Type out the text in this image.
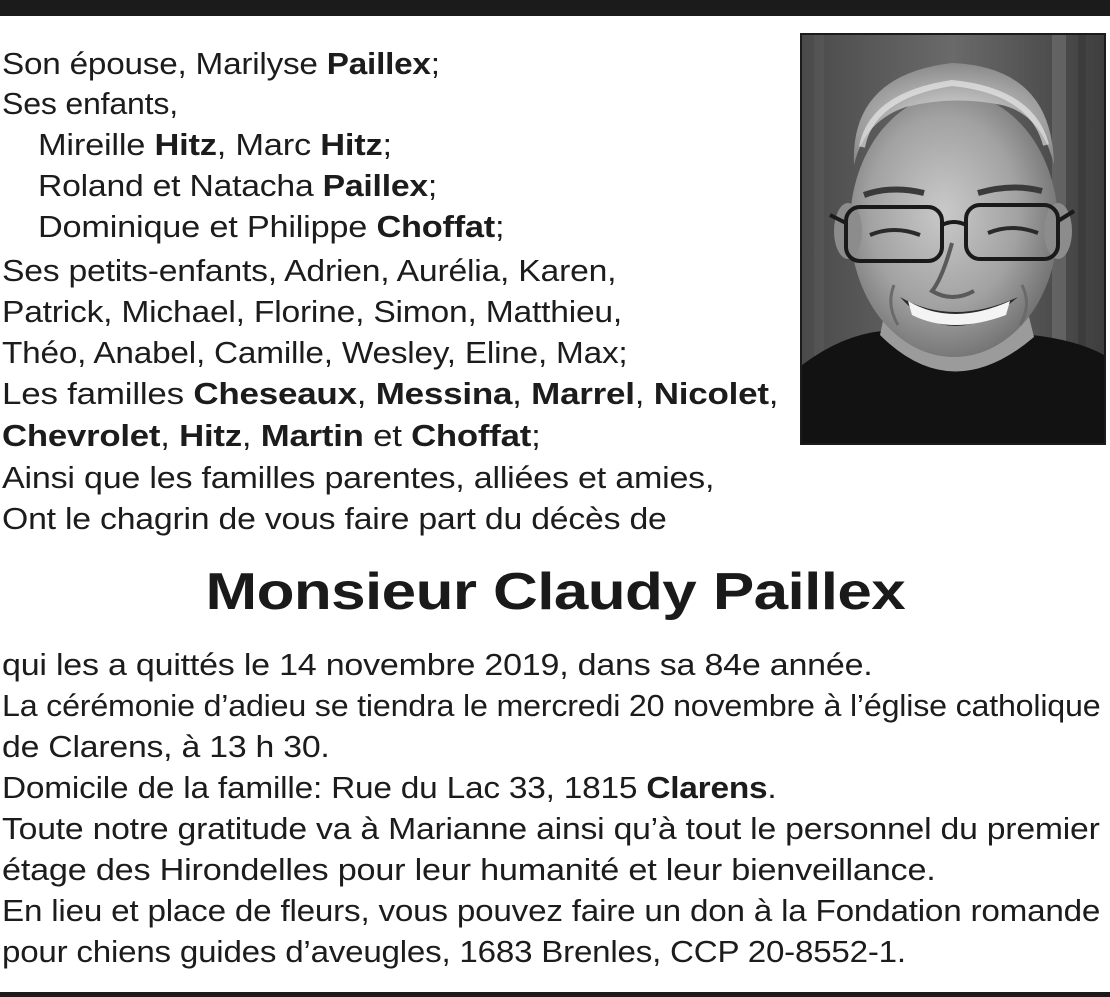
Son épouse, Marilyse Paillex;
Ses enfants,
Mireille Hitz, Marc Hitz;
Roland et Natacha Paillex;
Dominique et Philippe Choffat;
Ses petits-enfants, Adrien, Aurélia, Karen,
Patrick, Michael, Florine, Simon, Matthieu,
Théo, Anabel, Camille, Wesley, Eline, Max;
Les familles Cheseaux, Messina, Marrel, Nicolet,
Chevrolet, Hitz, Martin et Choffat;
Ainsi que les familles parentes, alliées et amies,
Ont le chagrin de vous faire part du décès de
Monsieur Claudy Paillex
qui les a quittés le 14 novembre 2019, dans sa 84e année.
La cérémonie d’adieu se tiendra le mercredi 20 novembre à l’église catholique
de Clarens, à 13 h 30.
Domicile de la famille: Rue du Lac 33, 1815 Clarens.
Toute notre gratitude va à Marianne ainsi qu’à tout le personnel du premier
étage des Hirondelles pour leur humanité et leur bienveillance.
En lieu et place de fleurs, vous pouvez faire un don à la Fondation romande
pour chiens guides d’aveugles, 1683 Brenles, CCP 20-8552-1.
